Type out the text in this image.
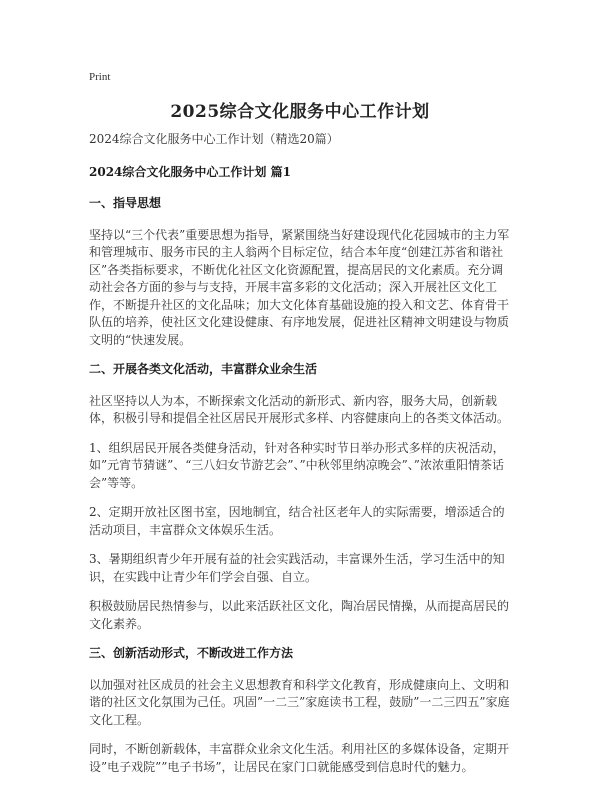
Print
2025综合文化服务中心工作计划

2024综合文化服务中心工作计划（精选20篇）

2024综合文化服务中心工作计划 篇1

一、指导思想

坚持以“三个代表”重要思想为指导，紧紧围绕当好建设现代化花园城市的主力军和管理城市、服务市民的主人翁两个目标定位，结合本年度“创建江苏省和谐社区”各类指标要求，不断优化社区文化资源配置，提高居民的文化素质。充分调动社会各方面的参与与支持，开展丰富多彩的文化活动；深入开展社区文化工作，不断提升社区的文化品味；加大文化体育基础设施的投入和文艺、体育骨干队伍的培养，使社区文化建设健康、有序地发展，促进社区精神文明建设与物质文明的“快速发展。

二、开展各类文化活动，丰富群众业余生活

社区坚持以人为本，不断探索文化活动的新形式、新内容，服务大局，创新载体，积极引导和提倡全社区居民开展形式多样、内容健康向上的各类文体活动。

1、组织居民开展各类健身活动，针对各种实时节日举办形式多样的庆祝活动，如”元宵节猜谜”、“三八妇女节游艺会”、”中秋邻里纳凉晚会”、”浓浓重阳情茶话会”等等。

2、定期开放社区图书室，因地制宜，结合社区老年人的实际需要，增添适合的活动项目，丰富群众文体娱乐生活。

3、暑期组织青少年开展有益的社会实践活动，丰富课外生活，学习生活中的知识，在实践中让青少年们学会自强、自立。

积极鼓励居民热情参与，以此来活跃社区文化，陶冶居民情操，从而提高居民的文化素养。

三、创新活动形式，不断改进工作方法

以加强对社区成员的社会主义思想教育和科学文化教育，形成健康向上、文明和谐的社区文化氛围为己任。巩固”一二三”家庭读书工程，鼓励”一二三四五”家庭文化工程。

同时，不断创新载体，丰富群众业余文化生活。利用社区的多媒体设备，定期开设”电子戏院””电子书场”，让居民在家门口就能感受到信息时代的魅力。
